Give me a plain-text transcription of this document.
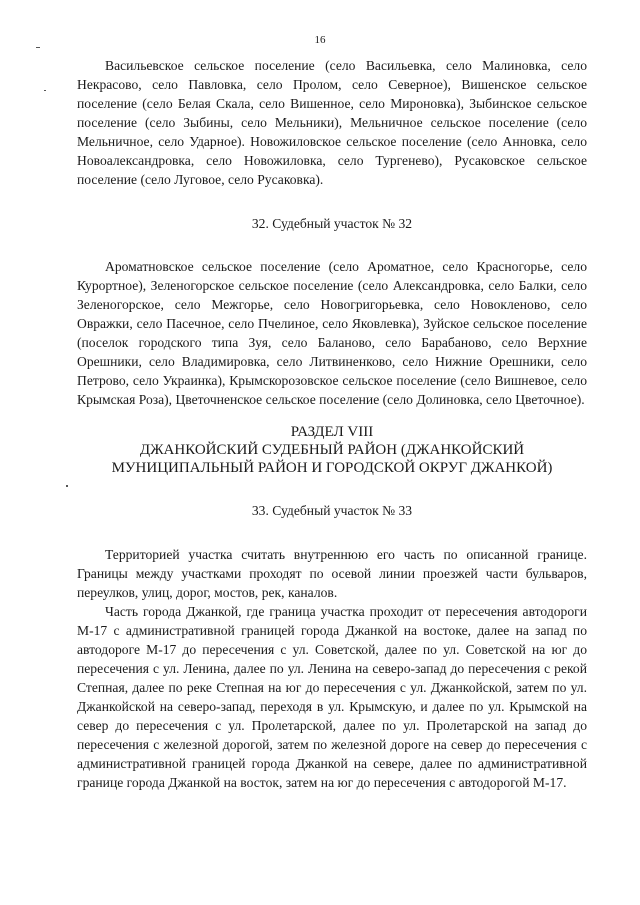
16

Васильевское сельское поселение (село Васильевка, село Малиновка, село Некрасово, село Павловка, село Пролом, село Северное), Вишенское сельское поселение (село Белая Скала, село Вишенное, село Мироновка), Зыбинское сельское поселение (село Зыбины, село Мельники), Мельничное сельское поселение (село Мельничное, село Ударное). Новожиловское сельское поселение (село Анновка, село Новоалександровка, село Новожиловка, село Тургенево), Русаковское сельское поселение (село Луговое, село Русаковка).

32. Судебный участок № 32

Ароматновское сельское поселение (село Ароматное, село Красногорье, село Курортное), Зеленогорское сельское поселение (село Александровка, село Балки, село Зеленогорское, село Межгорье, село Новогригорьевка, село Новокленово, село Овражки, село Пасечное, село Пчелиное, село Яковлевка), Зуйское сельское поселение (поселок городского типа Зуя, село Баланово, село Барабаново, село Верхние Орешники, село Владимировка, село Литвиненково, село Нижние Орешники, село Петрово, село Украинка), Крымскорозовское сельское поселение (село Вишневое, село Крымская Роза), Цветочненское сельское поселение (село Долиновка, село Цветочное).

РАЗДЕЛ VIII

ДЖАНКОЙСКИЙ СУДЕБНЫЙ РАЙОН (ДЖАНКОЙСКИЙ

МУНИЦИПАЛЬНЫЙ РАЙОН И ГОРОДСКОЙ ОКРУГ ДЖАНКОЙ)

33. Судебный участок № 33

Территорией участка считать внутреннюю его часть по описанной границе. Границы между участками проходят по осевой линии проезжей части бульваров, переулков, улиц, дорог, мостов, рек, каналов.

Часть города Джанкой, где граница участка проходит от пересечения автодороги М-17 с административной границей города Джанкой на востоке, далее на запад по автодороге М-17 до пересечения с ул. Советской, далее по ул. Советской на юг до пересечения с ул. Ленина, далее по ул. Ленина на северо-запад до пересечения с рекой Степная, далее по реке Степная на юг до пересечения с ул. Джанкойской, затем по ул. Джанкойской на северо-запад, переходя в ул. Крымскую, и далее по ул. Крымской на север до пересечения с ул. Пролетарской, далее по ул. Пролетарской на запад до пересечения с железной дорогой, затем по железной дороге на север до пересечения с административной границей города Джанкой на севере, далее по административной границе города Джанкой на восток, затем на юг до пересечения с автодорогой М-17.
